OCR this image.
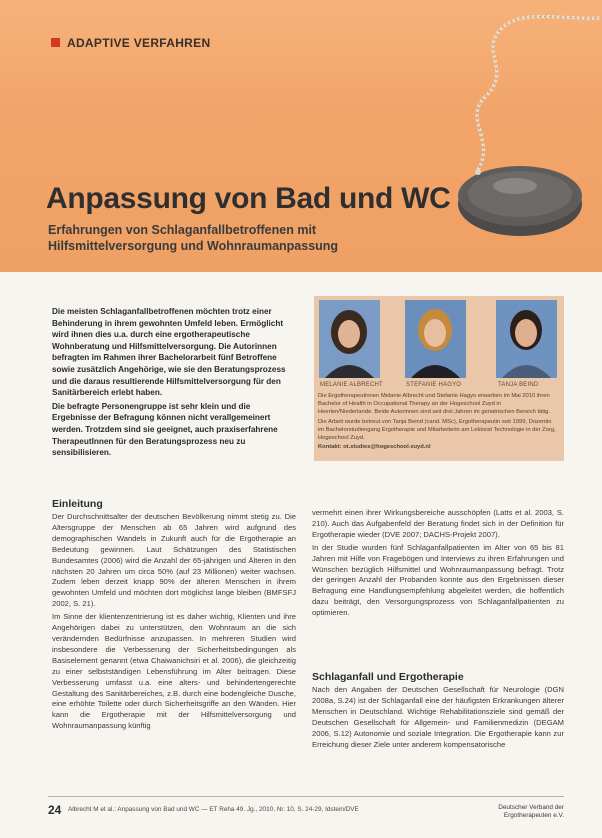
ADAPTIVE VERFAHREN
Anpassung von Bad und WC
Erfahrungen von Schlaganfallbetroffenen mit Hilfsmittelversorgung und Wohnraumanpassung

Die meisten Schlaganfallbetroffenen möchten trotz einer Behinderung in ihrem gewohnten Umfeld leben. Ermöglicht wird ihnen dies u.a. durch eine ergotherapeutische Wohnberatung und Hilfsmittelversorgung. Die Autorinnen befragten im Rahmen ihrer Bachelorarbeit fünf Betroffene sowie zusätzlich Angehörige, wie sie den Beratungsprozess und die daraus resultierende Hilfsmittelversorgung für den Sanitärbereich erlebt haben.

Die befragte Personengruppe ist sehr klein und die Ergebnisse der Befragung können nicht verallgemeinert werden. Trotzdem sind sie geeignet, auch praxiserfahrene TherapeutInnen für den Beratungsprozess neu zu sensibilisieren.

MELANIE ALBRECHT	STEFANIE HAGYO	TANJA BEIND

Die Ergotherapeutinnen Melanie Albrecht und Stefanie Hagyo erwarben im Mai 2010 ihren Bachelor of Health in Occupational Therapy an der Hogeschool Zuyd in Heerlen/Niederlande. Beide Autorinnen sind seit drei Jahren im geriatrischen Bereich tätig.

Die Arbeit wurde betreut von Tanja Beind (cand. MSc), Ergotherapeutin seit 1999, Dozentin im Bachelorstudiengang Ergotherapie und Mitarbeiterin am Lektorat Technologie in der Zorg, Hogeschool Zuyd.

Kontakt: ot.studies@hogeschool-zuyd.nl

Einleitung

Der Durchschnittsalter der deutschen Bevölkerung nimmt stetig zu. Die Altersgruppe der Menschen ab 65 Jahren wird aufgrund des demographischen Wandels in Zukunft auch für die Ergotherapie an Bedeutung gewinnen. Laut Schätzungen des Statistischen Bundesamtes (2006) wird die Anzahl der 65-jährigen und Älteren in den nächsten 20 Jahren um circa 50% (auf 23 Millionen) weiter wachsen. Zudem leben derzeit knapp 90% der älteren Menschen in ihrem gewohnten Umfeld und möchten dort möglichst lange bleiben (BMFSFJ 2002, S. 21).

Im Sinne der klientenzentrierung ist es daher wichtig, Klienten und ihre Angehörigen dabei zu unterstützen, den Wohnraum an die sich verändernden Bedürfnisse anzupassen. In mehreren Studien wird insbesondere die Verbesserung der Sicherheitsbedingungen als Basiselement genannt (etwa Chaiwanichsiri et al. 2006), die gleichzeitig zu einer selbstständigen Lebensführung im Alter beitragen. Diese Verbesserung umfasst u.a. eine alters- und behindertengerechte Gestaltung des Sanitärbereiches, z.B. durch eine bodengleiche Dusche, eine erhöhte Toilette oder durch Sicherheitsgriffe an den Wänden. Hier kann die Ergotherapie mit der Hilfsmittelversorgung und Wohnraumanpassung künftig

vermehrt einen ihrer Wirkungsbereiche ausschöpfen (Latts et al. 2003, S. 210). Auch das Aufgabenfeld der Beratung findet sich in der Definition für Ergotherapie wieder (DVE 2007; DACHS-Projekt 2007).

In der Studie wurden fünf Schlaganfallpatienten im Alter von 65 bis 81 Jahren mit Hilfe von Fragebögen und Interviews zu ihren Erfahrungen und Wünschen bezüglich Hilfsmittel und Wohnraumanpassung befragt. Trotz der geringen Anzahl der Probanden konnte aus den Ergebnissen dieser Befragung eine Handlungsempfehlung abgeleitet werden, die hoffentlich dazu beiträgt, den Versorgungsprozess von Schlaganfallpatienten zu optimieren.

Schlaganfall und Ergotherapie

Nach den Angaben der Deutschen Gesellschaft für Neurologie (DGN 2008a, S.24) ist der Schlaganfall eine der häufigsten Erkrankungen älterer Menschen in Deutschland. Wichtige Rehabilitationsziele sind gemäß der Deutschen Gesellschaft für Allgemein- und Familienmedizin (DEGAM 2006, S.12) Autonomie und soziale Integration. Die Ergotherapie kann zur Erreichung dieser Ziele unter anderem kompensatorische

24 Albrecht M et al.: Anpassung von Bad und WC — ET Reha 49. Jg., 2010, Nr. 10, S. 24-29, Idstein/DVE	Deutscher Verband der
Ergotherapeuten e.V.
